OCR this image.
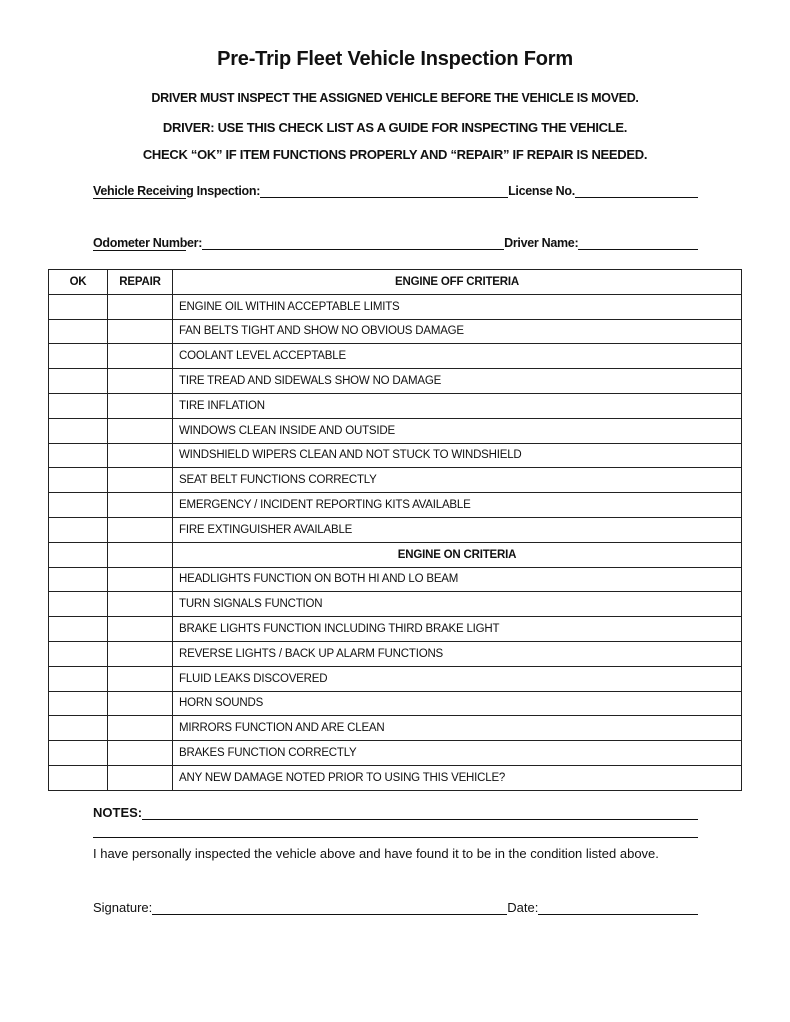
Pre-Trip Fleet Vehicle Inspection Form
DRIVER MUST INSPECT THE ASSIGNED VEHICLE BEFORE THE VEHICLE IS MOVED.
DRIVER: USE THIS CHECK LIST AS A GUIDE FOR INSPECTING THE VEHICLE.
CHECK “OK” IF ITEM FUNCTIONS PROPERLY AND “REPAIR” IF REPAIR IS NEEDED.
Vehicle Receiving Inspection:	License No.
Odometer Number:	Driver Name:
OK	REPAIR	ENGINE OFF CRITERIA
		ENGINE OIL WITHIN ACCEPTABLE LIMITS
		FAN BELTS TIGHT AND SHOW NO OBVIOUS DAMAGE
		COOLANT LEVEL ACCEPTABLE
		TIRE TREAD AND SIDEWALS SHOW NO DAMAGE
		TIRE INFLATION
		WINDOWS CLEAN INSIDE AND OUTSIDE
		WINDSHIELD WIPERS CLEAN AND NOT STUCK TO WINDSHIELD
		SEAT BELT FUNCTIONS CORRECTLY
		EMERGENCY / INCIDENT REPORTING KITS AVAILABLE
		FIRE EXTINGUISHER AVAILABLE
		ENGINE ON CRITERIA
		HEADLIGHTS FUNCTION ON BOTH HI AND LO BEAM
		TURN SIGNALS FUNCTION
		BRAKE LIGHTS FUNCTION INCLUDING THIRD BRAKE LIGHT
		REVERSE LIGHTS / BACK UP ALARM FUNCTIONS
		FLUID LEAKS DISCOVERED
		HORN SOUNDS
		MIRRORS FUNCTION AND ARE CLEAN
		BRAKES FUNCTION CORRECTLY
		ANY NEW DAMAGE NOTED PRIOR TO USING THIS VEHICLE?
NOTES:
I have personally inspected the vehicle above and have found it to be in the condition listed above.
Signature:	Date:
